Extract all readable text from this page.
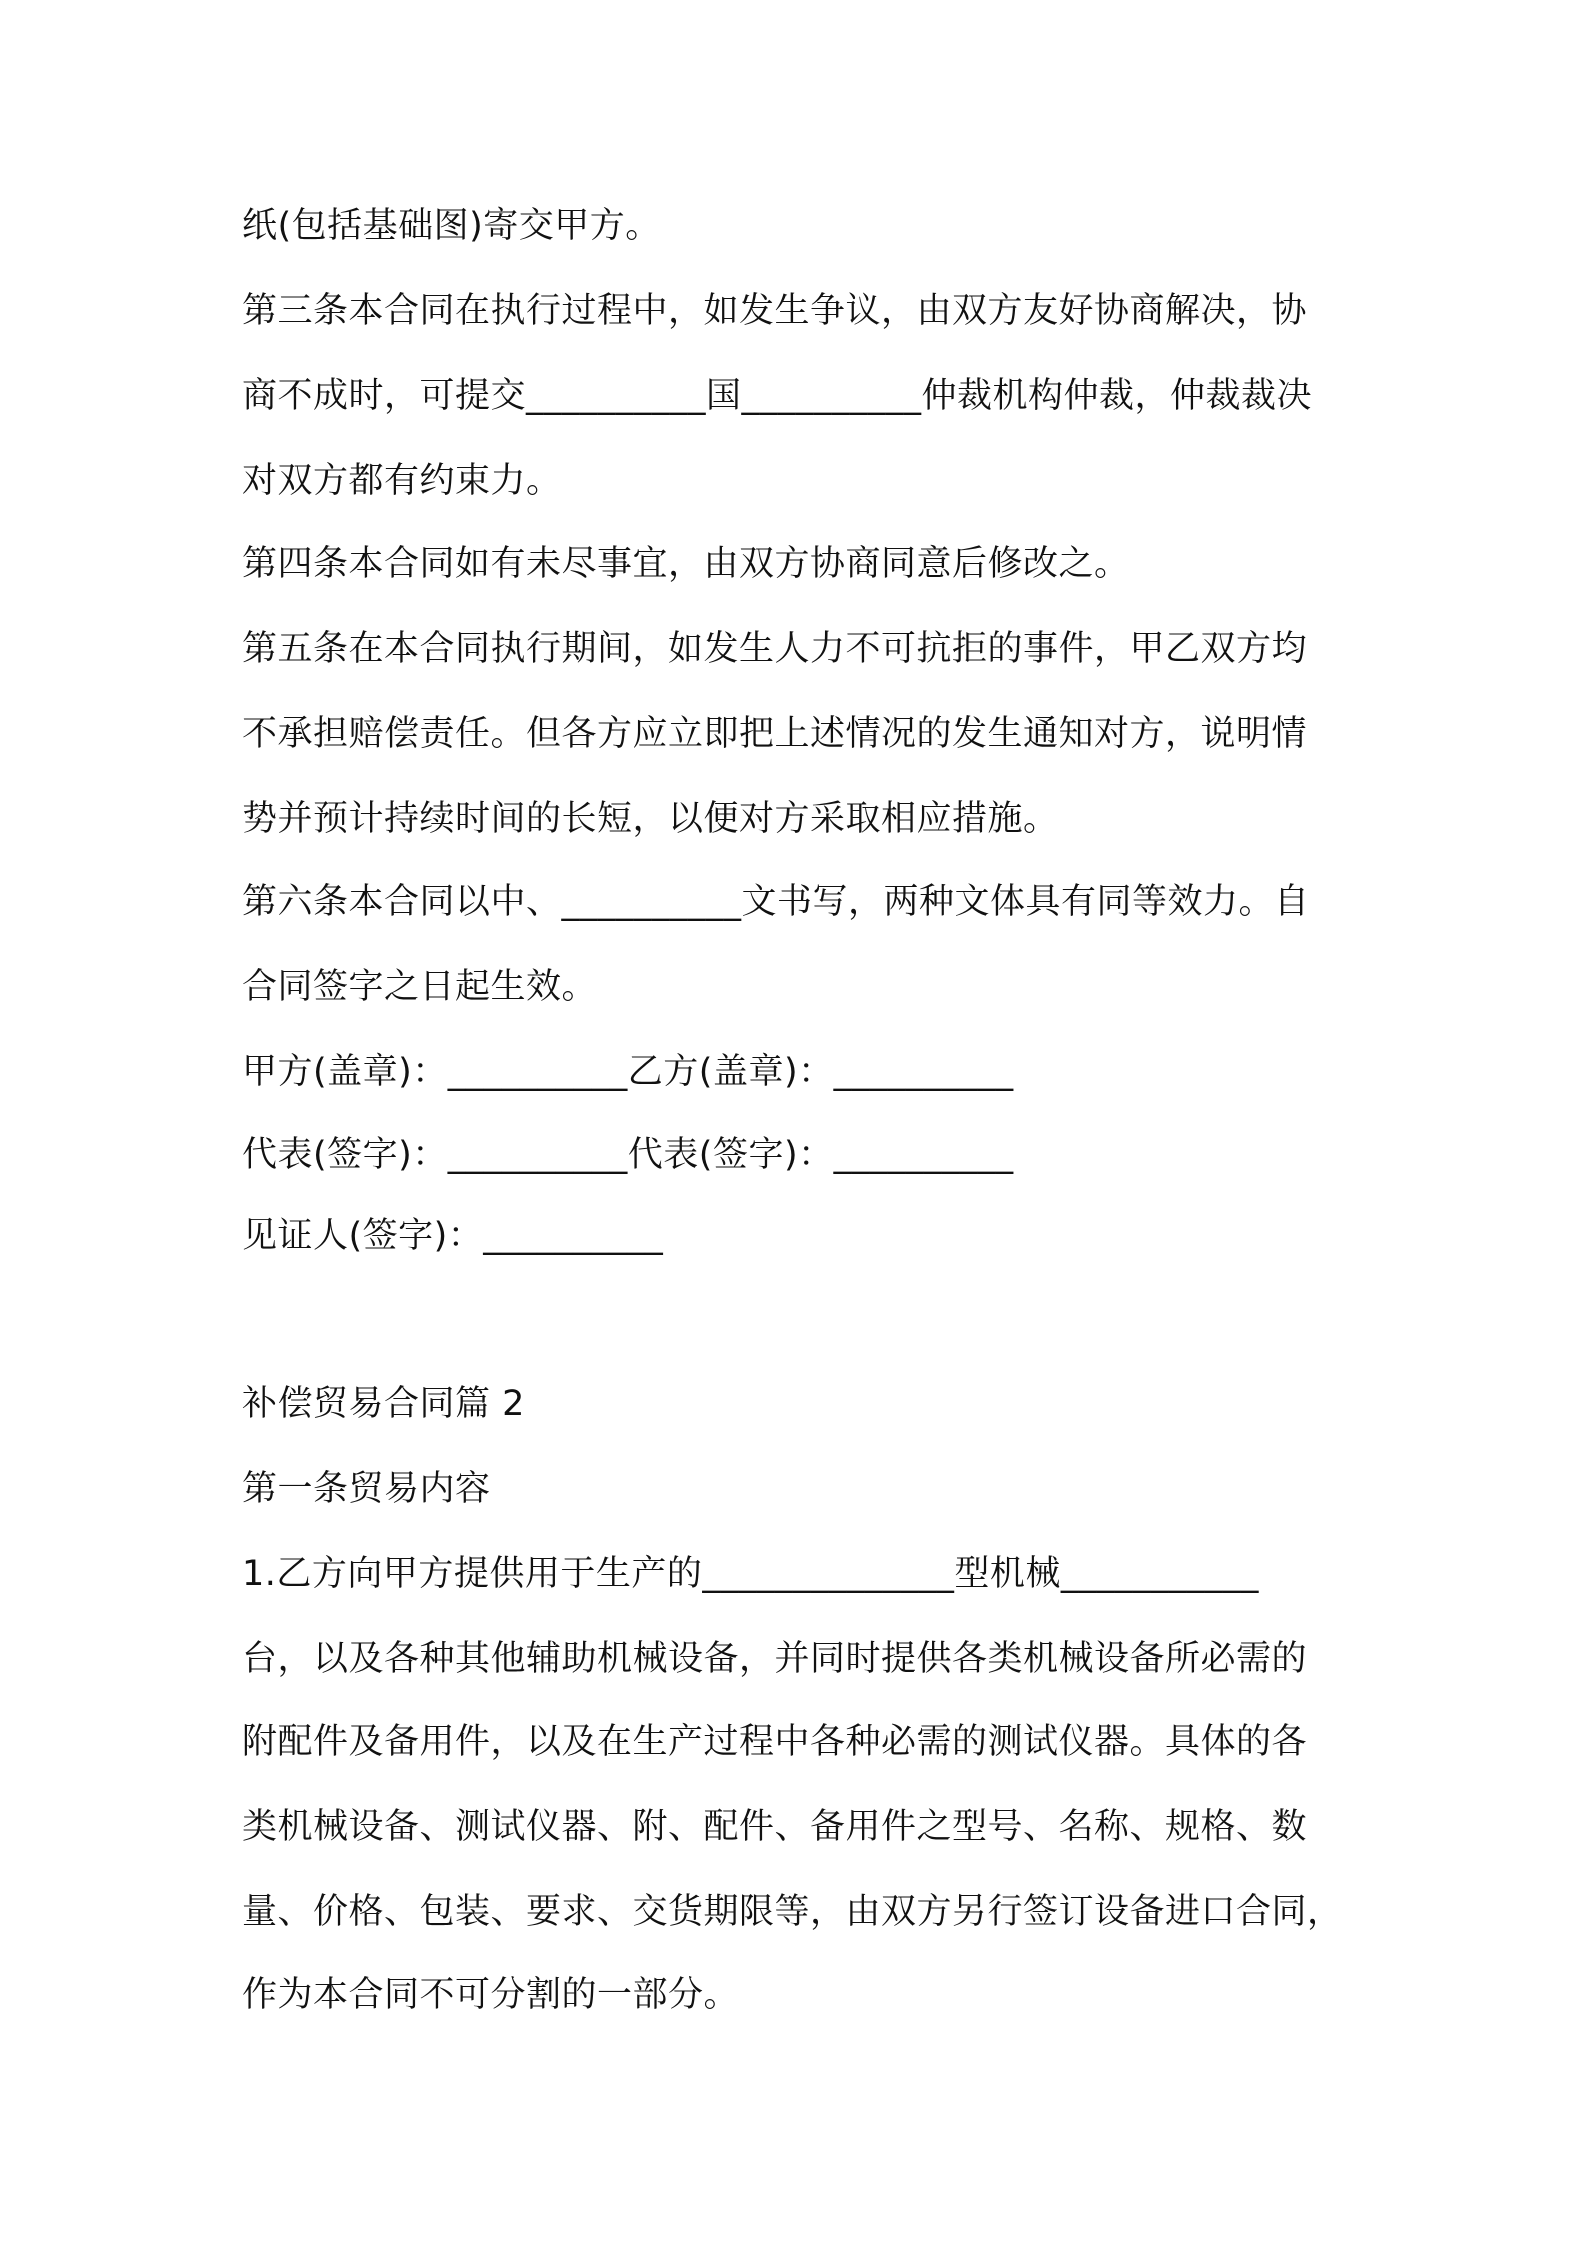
纸(包括基础图)寄交甲方。
第三条本合同在执行过程中，如发生争议，由双方友好协商解决，协
商不成时，可提交__________国__________仲裁机构仲裁，仲裁裁决
对双方都有约束力。
第四条本合同如有未尽事宜，由双方协商同意后修改之。
第五条在本合同执行期间，如发生人力不可抗拒的事件，甲乙双方均
不承担赔偿责任。但各方应立即把上述情况的发生通知对方，说明情
势并预计持续时间的长短，以便对方采取相应措施。
第六条本合同以中、__________文书写，两种文体具有同等效力。自
合同签字之日起生效。
甲方(盖章)：__________乙方(盖章)：__________
代表(签字)：__________代表(签字)：__________
见证人(签字)：__________
补偿贸易合同篇 2
第一条贸易内容
1.乙方向甲方提供用于生产的______________型机械___________
台，以及各种其他辅助机械设备，并同时提供各类机械设备所必需的
附配件及备用件，以及在生产过程中各种必需的测试仪器。具体的各
类机械设备、测试仪器、附、配件、备用件之型号、名称、规格、数
量、价格、包装、要求、交货期限等，由双方另行签订设备进口合同，
作为本合同不可分割的一部分。
